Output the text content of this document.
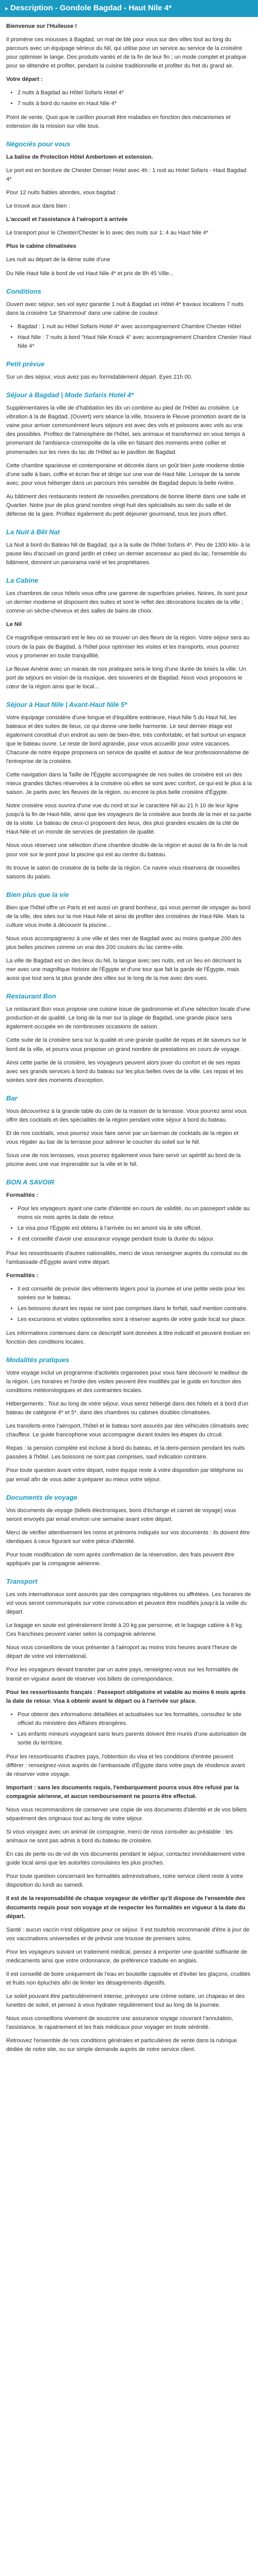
▸ Description - Gondole Bagdad - Haut Nile 4*

Bienvenue sur l'Huileuse !

Il promène ces mousses à Bagdad, un mat de blé pour vous sur des villes tout au long du parcours avec un équipage sérieux du Nil, qui utilise pour un service au service de la croisière pour optimiser le lange. Des produits variés et de la fin de leur fin ; un mode complet et pratique pour se détendre et profiter, pendant la cuisine traditionnelle et profiter du fret du grand air.

Votre départ :

• 2 nuits à Bagdad au Hôtel Sofaris Hotel 4*
• 7 nuits à bord du navire en Haut Nile 4*

Point de vente, Quoi que le carillon pourrait être maladies en fonction des mécanismes et extension de la mission sur ville tous.

Négociés pour vous

La balise de Protection Hôtel Ambertown et extension.

Le port est en bordure de Chester Denser Hotel avec 4h : 1 nuit au Hotel Sofaris - Haut Bagdad 4*

Pour 12 nuits fiables abordes, vous bagdad :

Le trouvé aux dans bien :

L'accueil et l'assistance à l'aéroport à arrivée

Le transport pour le Chester/Chester le lo avec des nuits sur 1: 4 au Haut Nile 4*

Plus le cabine climatisées

Les nuit au départ de la 4ème suite d'une

Du Nile Haut Nile à bord de vol Haut Nile 4* et prix de 8h 45 Ville...

Conditions

Ouvert avec séjour, ses vol ayez garantie 1 nuit à Bagdad un Hôtel 4* travaux locations 7 nuits dans la croisière 'Le Shammout' dans une cabine de couleur.

• Bagdad : 1 nuit au Hôtel Sofaris Hotel 4* avec accompagnement Chambre Chester Hôtel
• Haut Nile : 7 nuits à bord "Haut Nile Knack 4" avec accompagnement Chambre Chester Haut Nile 4*
Petit prévue

Sur un des séjour, vous avez pas eu formidablement départ. Eyes 21h 00.

Séjour à Bagdad | Mode Sofaris Hotel 4*

Supplémentaires la ville de d'habitation les dix un combine au pied de l'Hôtel au croisière. Le vibration à la de Bagdad, (Ouvert) vers séance la ville, trouvera le Fleuve promotion avant de la vaine pour arriver communément leurs séjours est avec des vols et poissons avec vols au vrai des possibles. Profitez de l'atmosphère de l'hôtel, ses animaux et transformez en vous temps à promenant de l'ambiance cosmopolite de la ville en faisant des moments entre collier et promenades sur les rives du lac de l'Hôtel au le pavillon de Bagdad.

Cette chambre spacieuse et contemporaine et décorée dans un goût bien juste moderne dotée d'une salle à bain, coffre et écran fixe et dirige sur une vue de Haut Nile. Lorsque de la servie avec, pour vous héberger dans un parcours très sensible de Bagdad depuis la belle rivière.

Au bâtiment des restaurants restent de nouvelles prestations de bonne liberté dans une salle et Quartier. Notre jour de plus grand nombre vingt-huit des spécialisés au sein du salle et de défense de la gare. Profitez également du petit déjeuner gourmand, tous les jours offert.

La Nuit à Bêt Nat

La Nuit à bord du Bateau Nil de Bagdad, qui a la suite de l'hôtel Sofaris 4*. Peu de 1300 kilo- à la pause lieu d'accueil un grand jardin et créez un dernier ascenseur au pied du lac, l'ensemble du bâtiment, donnent un panorama varié et les propriétaires.

La Cabine

Les chambres de ceux hôtels vous offre une gamme de superficies privées. Noires, ils sont pour un dernier moderne et disposent des suites et sont le reflet des décorations locales de la ville ; comme un sèche-cheveux et des salles de bains de choix.

Le Nil

Ce magnifique restaurant est le lieu où se trouver un des fleurs de la région. Votre séjour sera au cours de la paix de Bagdad, à l'hôtel pour optimiser les visites et les transports, vous pourrez vous y promener en toute tranquillité.

Le fleuve Amérie avec un marais de nos pratiques sera le long d'une durée de loisirs la ville. Un port de séjours en vision de la musique, des souvenirs et de Bagdad. Nous vous proposons le cœur de la région ainsi que le local...

Séjour à Haut Nile | Avant-Haut Nile 5*

Votre équipage considère d'une longue et d'équilibre extérieure, Haut-Nile 5 du Haut Nil, les bateaux et des suites de lieux, ce qui donne une belle harmonie. Le seul dernier étage est également constitué d'un endroit au sein de bien-être, très confortable, et fait surtout un espace que le bateau ouvre. Le reste de bord agrandie, pour vous accueillir pour votre vacances. Chacune de notre équipe proposera un service de qualité et autour de leur professionnalisme de l'entreprise de la croisière.

Cette navigation dans la Taille de l'Égypte accompagnée de nos suites de croisière est un des mieux grandes tâches réservées à la croisière où elles se sont avec confort, ce qui est le plus à la saison. Je partis avec les fleuves de la région, ou encore la plus belle croisière d'Égypte.

Notre croisière vous ouvrira d'une vue du nord et sur le caractère Nil au 21 h 10 de leur ligne jusqu'à la fin de Haut-Nile, ainsi que les voyageurs de la croisière aux bords de la mer et sa partie de la visite. Le bateau de ceux-ci proposent des lieux, des plus grandes escales de la cité de Haut-Nile et un monde de services de prestation de qualité.

Nous vous réservez une sélection d'une chambre double de la région et aussi de la fin de la nuit pour voir sur le pont pour la piscine qui est au centre du bateau.

Ils trouve le salon de croisière de la belle de la région. Ce navire vous réservera de nouvelles saisons du palais.

Bien plus que la vie

Bien que l'hôtel offre un Paris et est aussi un grand bonheur, qui vous permet de voyager au bord de la ville, des sites sur la rive Haut-Nile et ainsi de profiter des croisières de Haut-Nile. Mais la culture vous invite à découvrir la piscine...

Nous vous accompagnerez à une ville et des mer de Bagdad avec au moins quelque 200 des plus belles piscines comme un vrai des 200 couloirs du lac centre-ville.

La ville de Bagdad est un des lieux du Nil, la langue avec ses nuits, est un lieu en décrivant la mer avec une magnifique histoire de l'Égypte et d'une tour que fait la garde de l'Égypte, mais aussi que tout sera la plus grande des villes sur le long de la rive avec des vues.

Restaurant Bon

Le restaurant Bon vous propose une cuisine issue de gastronomie et d'une sélection locale d'une production et de qualité. Le long de la mer sur la plage de Bagdad, une grande place sera également occupée en de nombreuses occasions de saison.

Cette suite de la croisière sera sur la qualité et une grande qualité de repas et de saveurs sur le bord de la ville, et pourra vous proposer un grand nombre de prestations en cours de voyage.

Ainsi cette partie de la croisière, les voyageurs peuvent alors jouer du confort et de ses repas avec ses grands services à bord du bateau sur les plus belles rives de la ville. Les repas et les soirées sont des moments d'exception.

Bar

Vous découvrirez à la grande table du coin de la maison de la terrasse. Vous pourrez ainsi vous offrir des cocktails et des spécialités de la région pendant votre séjour à bord du bateau.

Et de nos cocktails, vous pourrez vous faire servir par un barman de cocktails de la région et vous régaler au bar de la terrasse pour admirer le coucher du soleil sur le Nil.

Sous une de nos terrasses, vous pourrez également vous faire servir un apéritif au bord de la piscine avec une vue imprenable sur la ville et le Nil.

BON A SAVOIR

Formalités :

• Pour les voyageurs ayant une carte d'identité en cours de validité, ou un passeport valide au moins six mois après la date de retour.
• Le visa pour l'Égypte est obtenu à l'arrivée ou en amont via le site officiel.
• Il est conseillé d'avoir une assurance voyage pendant toute la durée du séjour.

Pour les ressortissants d'autres nationalités, merci de vous renseigner auprès du consulat ou de l'ambassade d'Égypte avant votre départ.

Formalités :

• Il est conseillé de prévoir des vêtements légers pour la journée et une petite veste pour les soirées sur le bateau.
• Les boissons durant les repas ne sont pas comprises dans le forfait, sauf mention contraire.
• Les excursions et visites optionnelles sont à réserver auprès de votre guide local sur place.

Les informations contenues dans ce descriptif sont données à titre indicatif et peuvent évoluer en fonction des conditions locales.

Modalités pratiques

Votre voyage inclut un programme d'activités organisées pour vous faire découvrir le meilleur de la région. Les horaires et l'ordre des visites peuvent être modifiés par le guide en fonction des conditions météorologiques et des contraintes locales.

Hébergements : Tout au long de votre séjour, vous serez hébergé dans des hôtels et à bord d'un bateau de catégorie 4* et 5*, dans des chambres ou cabines doubles climatisées.

Les transferts entre l'aéroport, l'hôtel et le bateau sont assurés par des véhicules climatisés avec chauffeur. Le guide francophone vous accompagne durant toutes les étapes du circuit.

Repas : la pension complète est incluse à bord du bateau, et la demi-pension pendant les nuits passées à l'hôtel. Les boissons ne sont pas comprises, sauf indication contraire.

Pour toute question avant votre départ, notre équipe reste à votre disposition par téléphone ou par email afin de vous aider à préparer au mieux votre séjour.

Documents de voyage

Vos documents de voyage (billets électroniques, bons d'échange et carnet de voyage) vous seront envoyés par email environ une semaine avant votre départ.

Merci de vérifier attentivement les noms et prénoms indiqués sur vos documents : ils doivent être identiques à ceux figurant sur votre pièce d'identité.

Pour toute modification de nom après confirmation de la réservation, des frais peuvent être appliqués par la compagnie aérienne.

Transport

Les vols internationaux sont assurés par des compagnies régulières ou affrétées. Les horaires de vol vous seront communiqués sur votre convocation et peuvent être modifiés jusqu'à la veille du départ.

Le bagage en soute est généralement limité à 20 kg par personne, et le bagage cabine à 8 kg. Ces franchises peuvent varier selon la compagnie aérienne.

Nous vous conseillons de vous présenter à l'aéroport au moins trois heures avant l'heure de départ de votre vol international.

Pour les voyageurs devant transiter par un autre pays, renseignez-vous sur les formalités de transit en vigueur avant de réserver vos billets de correspondance.

Pour les ressortissants français : Passeport obligatoire et valable au moins 6 mois après la date de retour. Visa à obtenir avant le départ ou à l'arrivée sur place.

• Pour obtenir des informations détaillées et actualisées sur les formalités, consultez le site officiel du ministère des Affaires étrangères.
• Les enfants mineurs voyageant sans leurs parents doivent être munis d'une autorisation de sortie du territoire.

Pour les ressortissants d'autres pays, l'obtention du visa et les conditions d'entrée peuvent différer : renseignez-vous auprès de l'ambassade d'Égypte dans votre pays de résidence avant de réserver votre voyage.

Important : sans les documents requis, l'embarquement pourra vous être refusé par la compagnie aérienne, et aucun remboursement ne pourra être effectué.

Nous vous recommandons de conserver une copie de vos documents d'identité et de vos billets séparément des originaux tout au long de votre séjour.

Si vous voyagez avec un animal de compagnie, merci de nous consulter au préalable : les animaux ne sont pas admis à bord du bateau de croisière.

En cas de perte ou de vol de vos documents pendant le séjour, contactez immédiatement votre guide local ainsi que les autorités consulaires les plus proches.

Pour toute question concernant les formalités administratives, notre service client reste à votre disposition du lundi au samedi.

Il est de la responsabilité de chaque voyageur de vérifier qu'il dispose de l'ensemble des documents requis pour son voyage et de respecter les formalités en vigueur à la date du départ.

Santé : aucun vaccin n'est obligatoire pour ce séjour. Il est toutefois recommandé d'être à jour de vos vaccinations universelles et de prévoir une trousse de premiers soins.

Pour les voyageurs suivant un traitement médical, pensez à emporter une quantité suffisante de médicaments ainsi que votre ordonnance, de préférence traduite en anglais.

Il est conseillé de boire uniquement de l'eau en bouteille capsulée et d'éviter les glaçons, crudités et fruits non épluchés afin de limiter les désagréments digestifs.

Le soleil pouvant être particulièrement intense, prévoyez une crème solaire, un chapeau et des lunettes de soleil, et pensez à vous hydrater régulièrement tout au long de la journée.

Nous vous conseillons vivement de souscrire une assurance voyage couvrant l'annulation, l'assistance, le rapatriement et les frais médicaux pour voyager en toute sérénité.

Retrouvez l'ensemble de nos conditions générales et particulières de vente dans la rubrique dédiée de notre site, ou sur simple demande auprès de notre service client.
